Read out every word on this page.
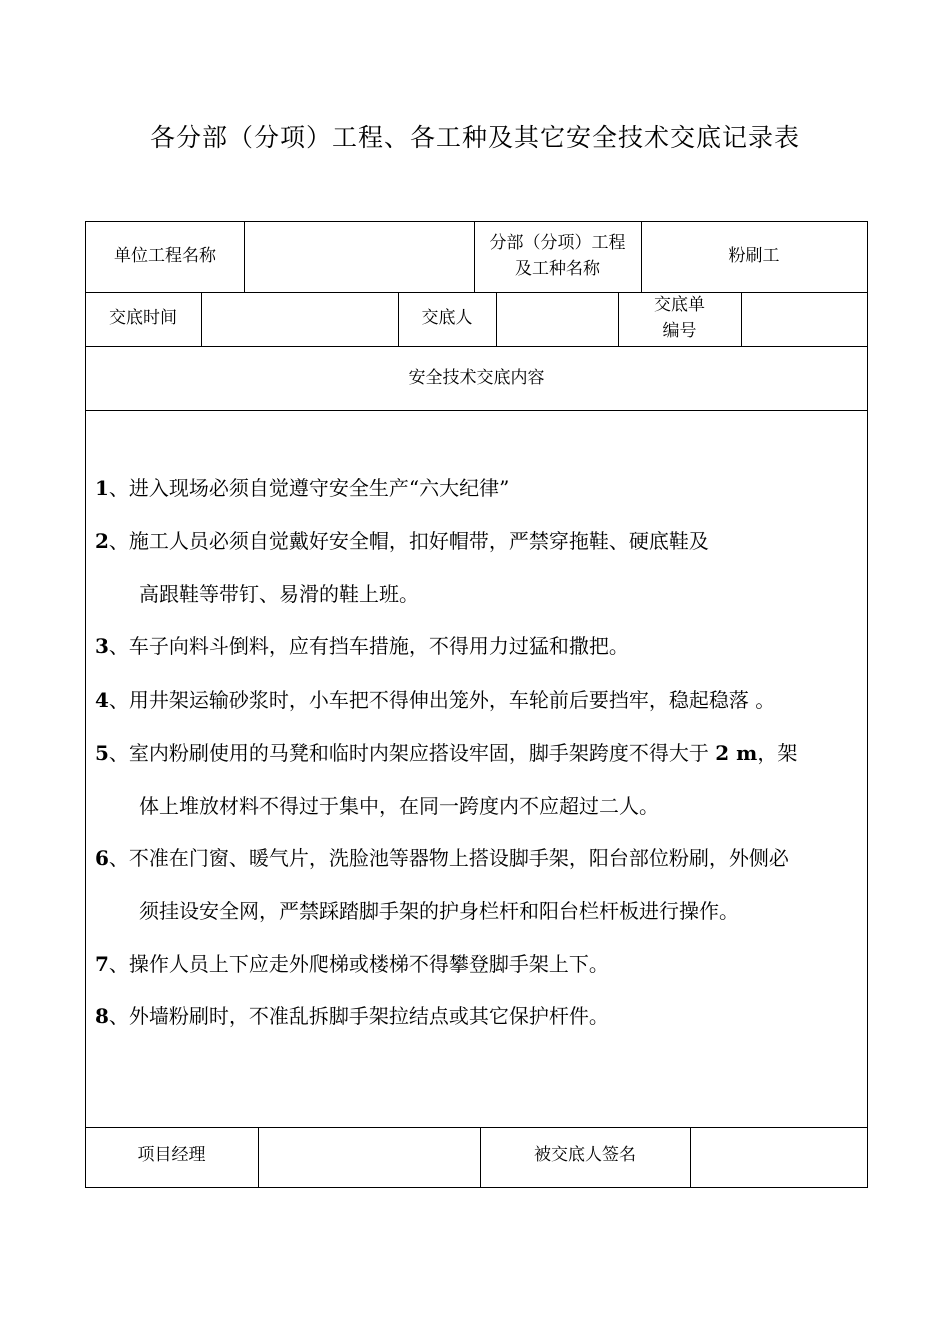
各分部（分项）工程、各工种及其它安全技术交底记录表
单位工程名称
分部（分项）工程
及工种名称
粉刷工
交底时间	交底人
交底单
编号
安全技术交底内容
1、进入现场必须自觉遵守安全生产“六大纪律”
2、施工人员必须自觉戴好安全帽，扣好帽带，严禁穿拖鞋、硬底鞋及
高跟鞋等带钉、易滑的鞋上班。
3、车子向料斗倒料，应有挡车措施，不得用力过猛和撒把。
4、用井架运输砂浆时，小车把不得伸出笼外，车轮前后要挡牢，稳起稳落 。
5、室内粉刷使用的马凳和临时内架应搭设牢固，脚手架跨度不得大于 2 m，架
体上堆放材料不得过于集中，在同一跨度内不应超过二人。
6、不准在门窗、暖气片，洗脸池等器物上搭设脚手架，阳台部位粉刷，外侧必
须挂设安全网，严禁踩踏脚手架的护身栏杆和阳台栏杆板进行操作。
7、操作人员上下应走外爬梯或楼梯不得攀登脚手架上下。
8、外墙粉刷时，不准乱拆脚手架拉结点或其它保护杆件。
项目经理	被交底人签名
